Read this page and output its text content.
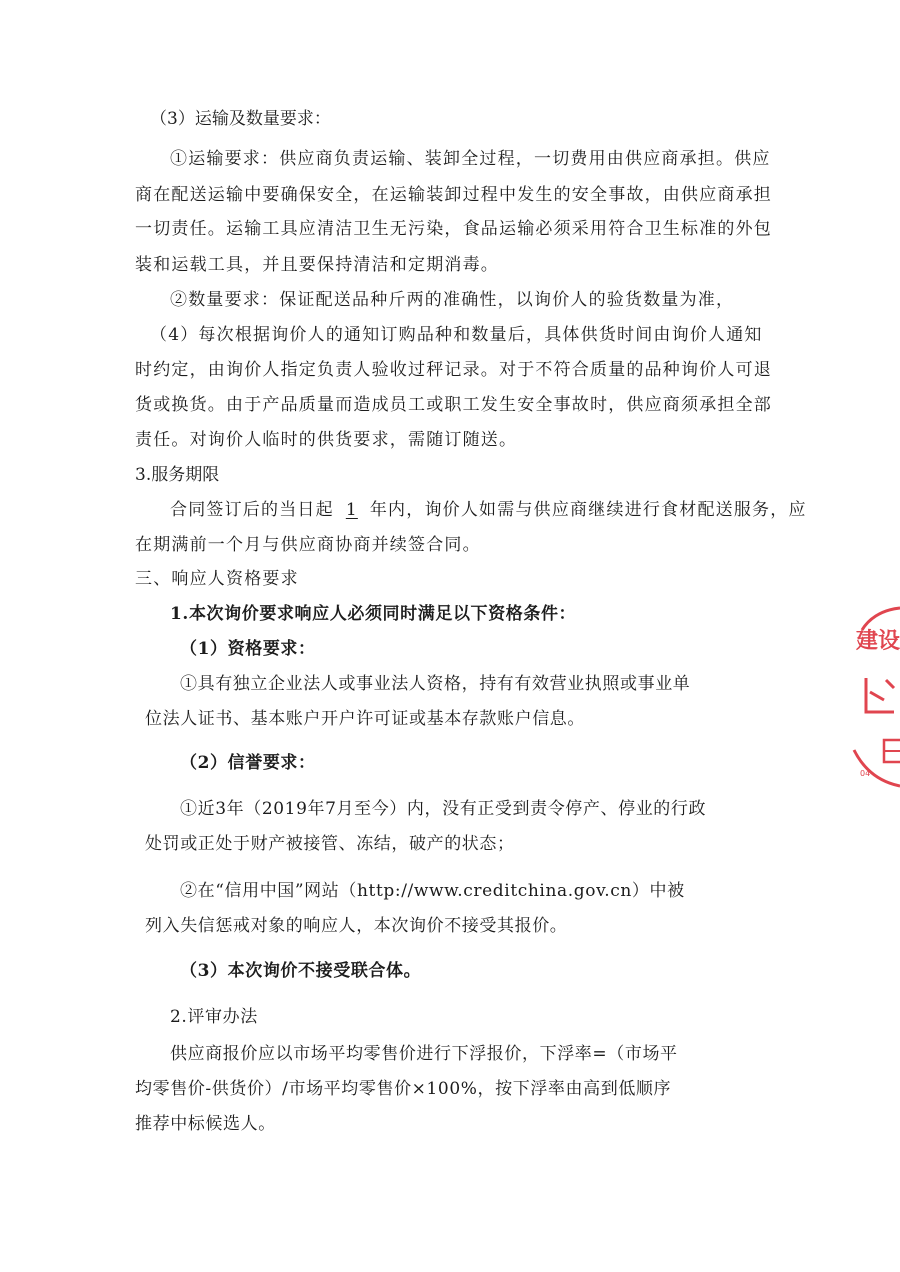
（3）运输及数量要求：
①运输要求：供应商负责运输、装卸全过程，一切费用由供应商承担。供应
商在配送运输中要确保安全，在运输装卸过程中发生的安全事故，由供应商承担
一切责任。运输工具应清洁卫生无污染，食品运输必须采用符合卫生标准的外包
装和运载工具，并且要保持清洁和定期消毒。
②数量要求：保证配送品种斤两的准确性，以询价人的验货数量为准，
（4）每次根据询价人的通知订购品种和数量后，具体供货时间由询价人通知
时约定，由询价人指定负责人验收过秤记录。对于不符合质量的品种询价人可退
货或换货。由于产品质量而造成员工或职工发生安全事故时，供应商须承担全部
责任。对询价人临时的供货要求，需随订随送。
3.服务期限
合同签订后的当日起 1 年内，询价人如需与供应商继续进行食材配送服务，应
在期满前一个月与供应商协商并续签合同。
三、响应人资格要求
1.本次询价要求响应人必须同时满足以下资格条件：
（1）资格要求：
①具有独立企业法人或事业法人资格，持有有效营业执照或事业单
位法人证书、基本账户开户许可证或基本存款账户信息。
（2）信誉要求：
①近3年（2019年7月至今）内，没有正受到责令停产、停业的行政
处罚或正处于财产被接管、冻结，破产的状态；
②在“信用中国”网站（http://www.creditchina.gov.cn）中被
列入失信惩戒对象的响应人，本次询价不接受其报价。
（3）本次询价不接受联合体。
2.评审办法
供应商报价应以市场平均零售价进行下浮报价，下浮率=（市场平
均零售价-供货价）/市场平均零售价×100%，按下浮率由高到低顺序
推荐中标候选人。
建设
04
